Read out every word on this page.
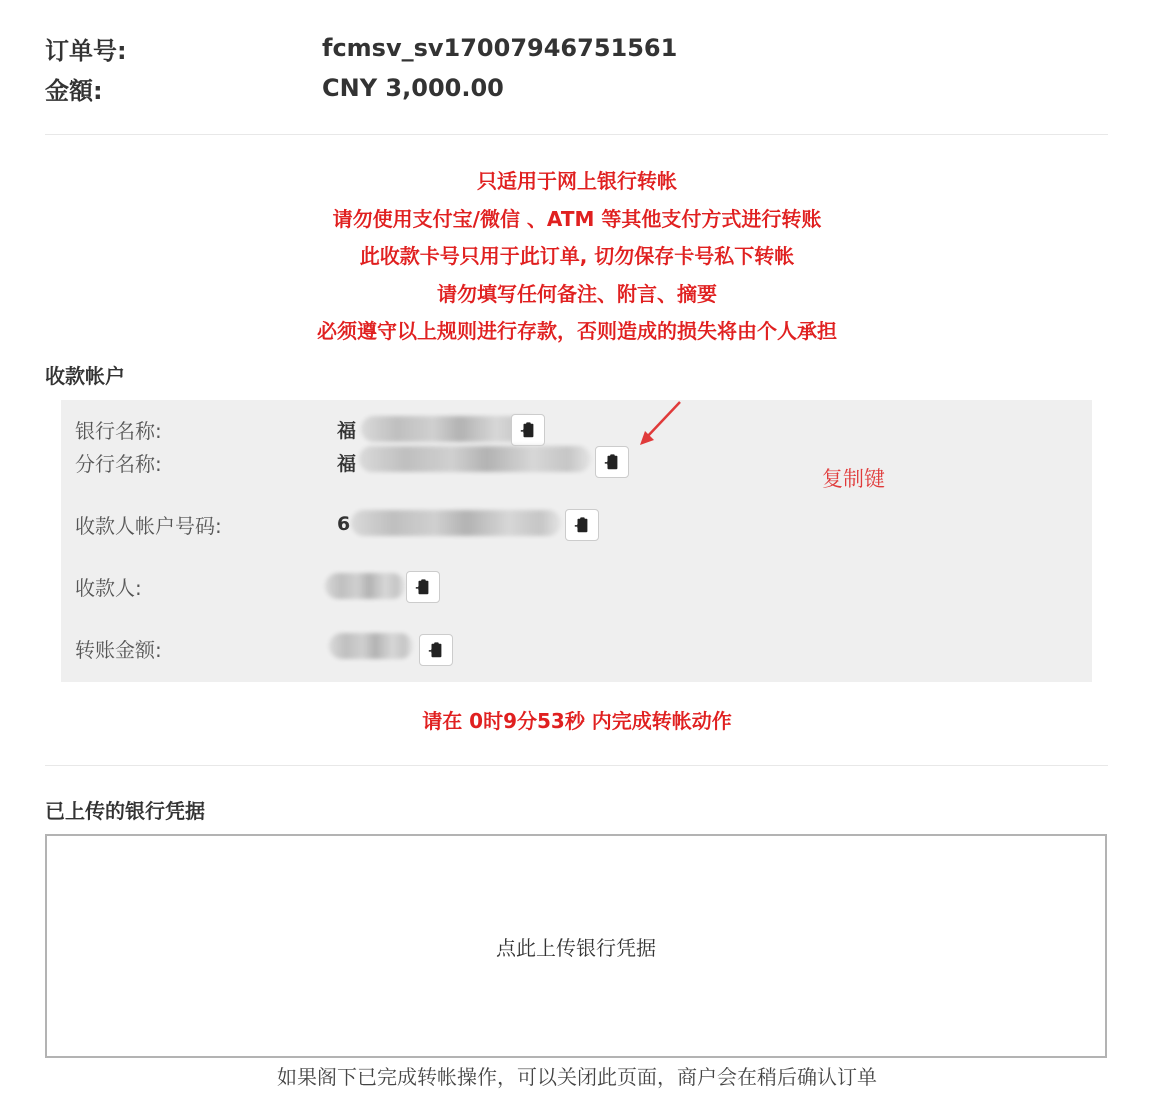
订单号:	fcmsv_sv17007946751561
金額:	CNY 3,000.00
只适用于网上银行转帐
请勿使用支付宝/微信 、ATM 等其他支付方式进行转账
此收款卡号只用于此订单, 切勿保存卡号私下转帐
请勿填写任何备注、附言、摘要
必须遵守以上规则进行存款，否则造成的损失将由个人承担
收款帐户
银行名称:	福
分行名称:	福
收款人帐户号码:	6
收款人:
转账金额:
复制键
请在 0时9分53秒 内完成转帐动作
已上传的银行凭据
点此上传银行凭据
如果阁下已完成转帐操作，可以关闭此页面，商户会在稍后确认订单
